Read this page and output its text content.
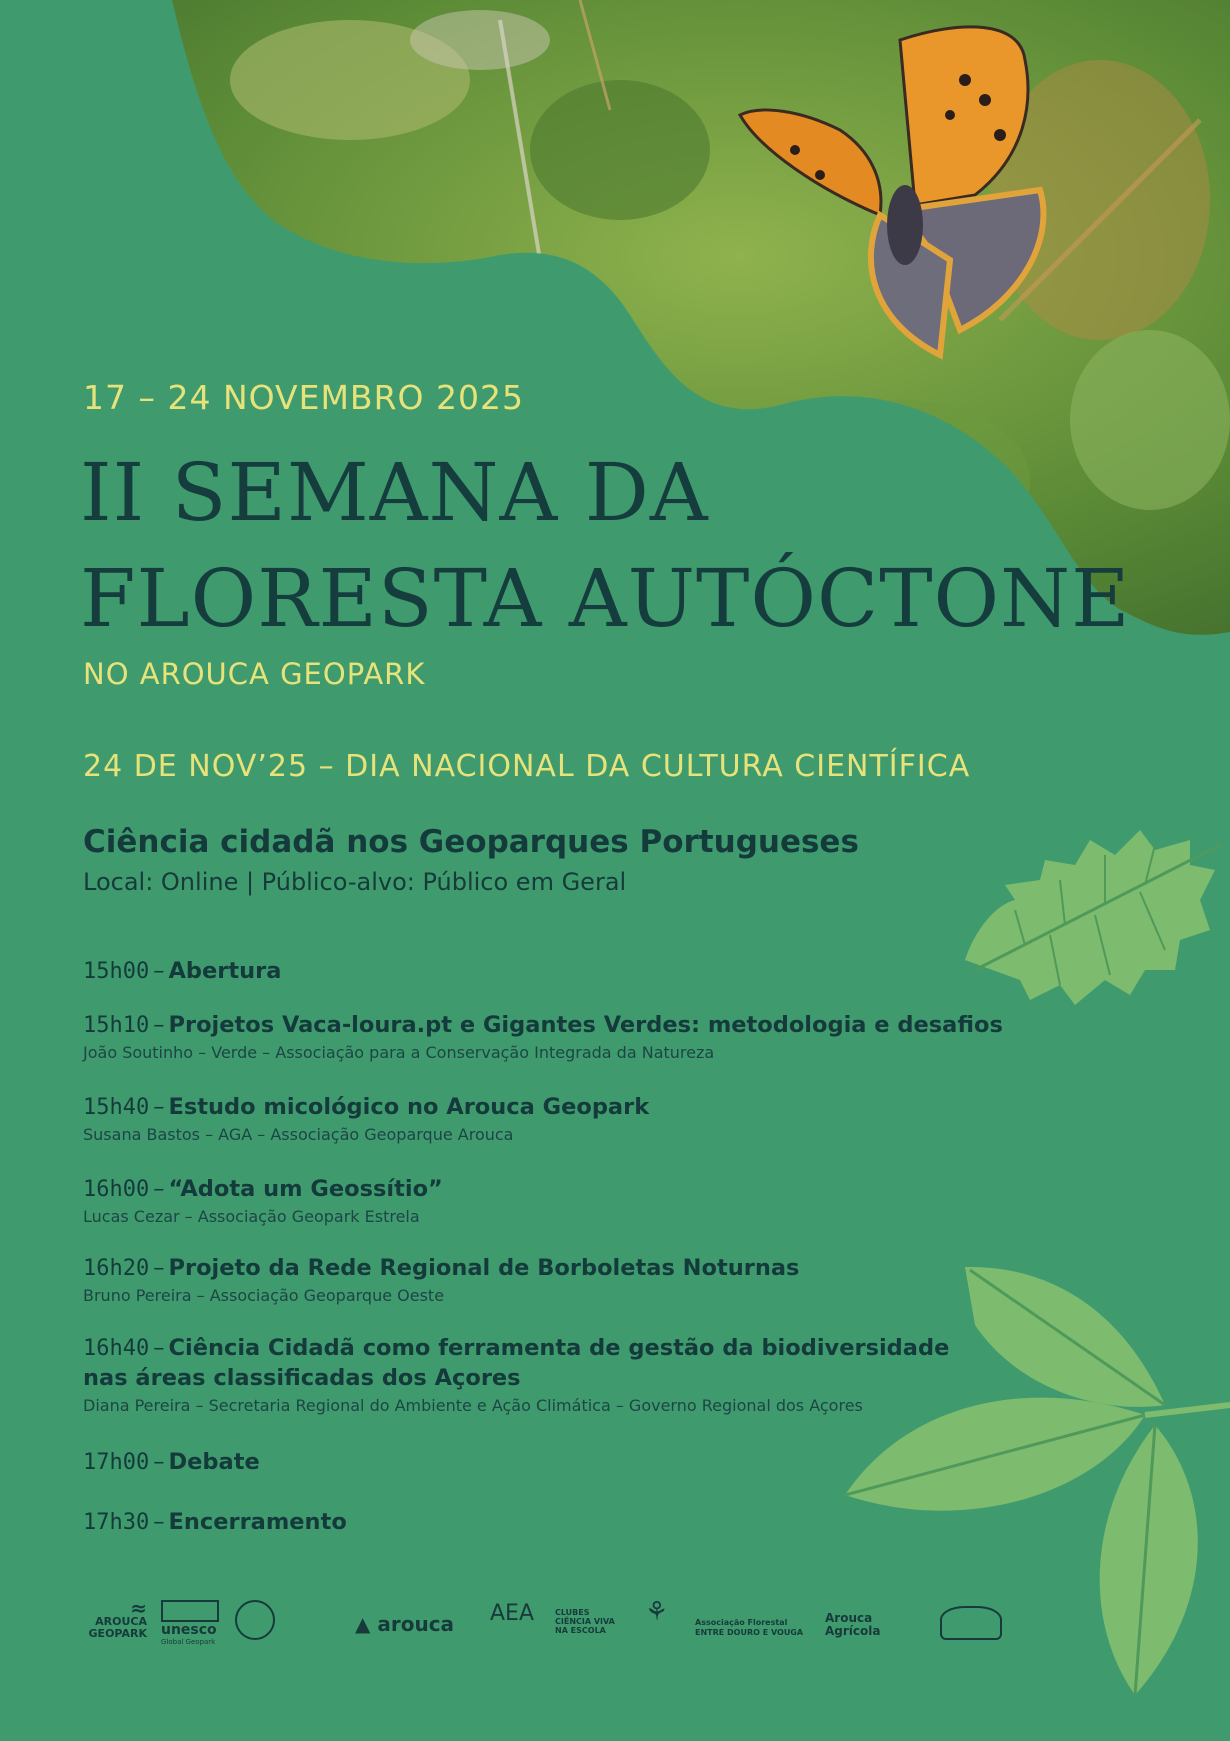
17 – 24 NOVEMBRO 2025
II SEMANA DA
FLORESTA AUTÓCTONE
NO AROUCA GEOPARK
24 DE NOV’25 – DIA NACIONAL DA CULTURA CIENTÍFICA
Ciência cidadã nos Geoparques Portugueses
Local: Online | Público-alvo: Público em Geral
15h00 – Abertura
15h10 – Projetos Vaca-loura.pt e Gigantes Verdes: metodologia e desafios
João Soutinho – Verde – Associação para a Conservação Integrada da Natureza
15h40 – Estudo micológico no Arouca Geopark
Susana Bastos – AGA – Associação Geoparque Arouca
16h00 – “Adota um Geossítio”
Lucas Cezar – Associação Geopark Estrela
16h20 – Projeto da Rede Regional de Borboletas Noturnas
Bruno Pereira – Associação Geoparque Oeste
16h40 – Ciência Cidadã como ferramenta de gestão da biodiversidade
nas áreas classificadas dos Açores
Diana Pereira – Secretaria Regional do Ambiente e Ação Climática – Governo Regional dos Açores
17h00 – Debate
17h30 – Encerramento
≈
AROUCA GEOPARK unesco
Global Geopark
▲ arouca AEA	CLUBES CIÊNCIA VIVA NA ESCOLA
⚘	Associação Florestal
ENTRE DOURO E VOUGA
Arouca Agrícola
